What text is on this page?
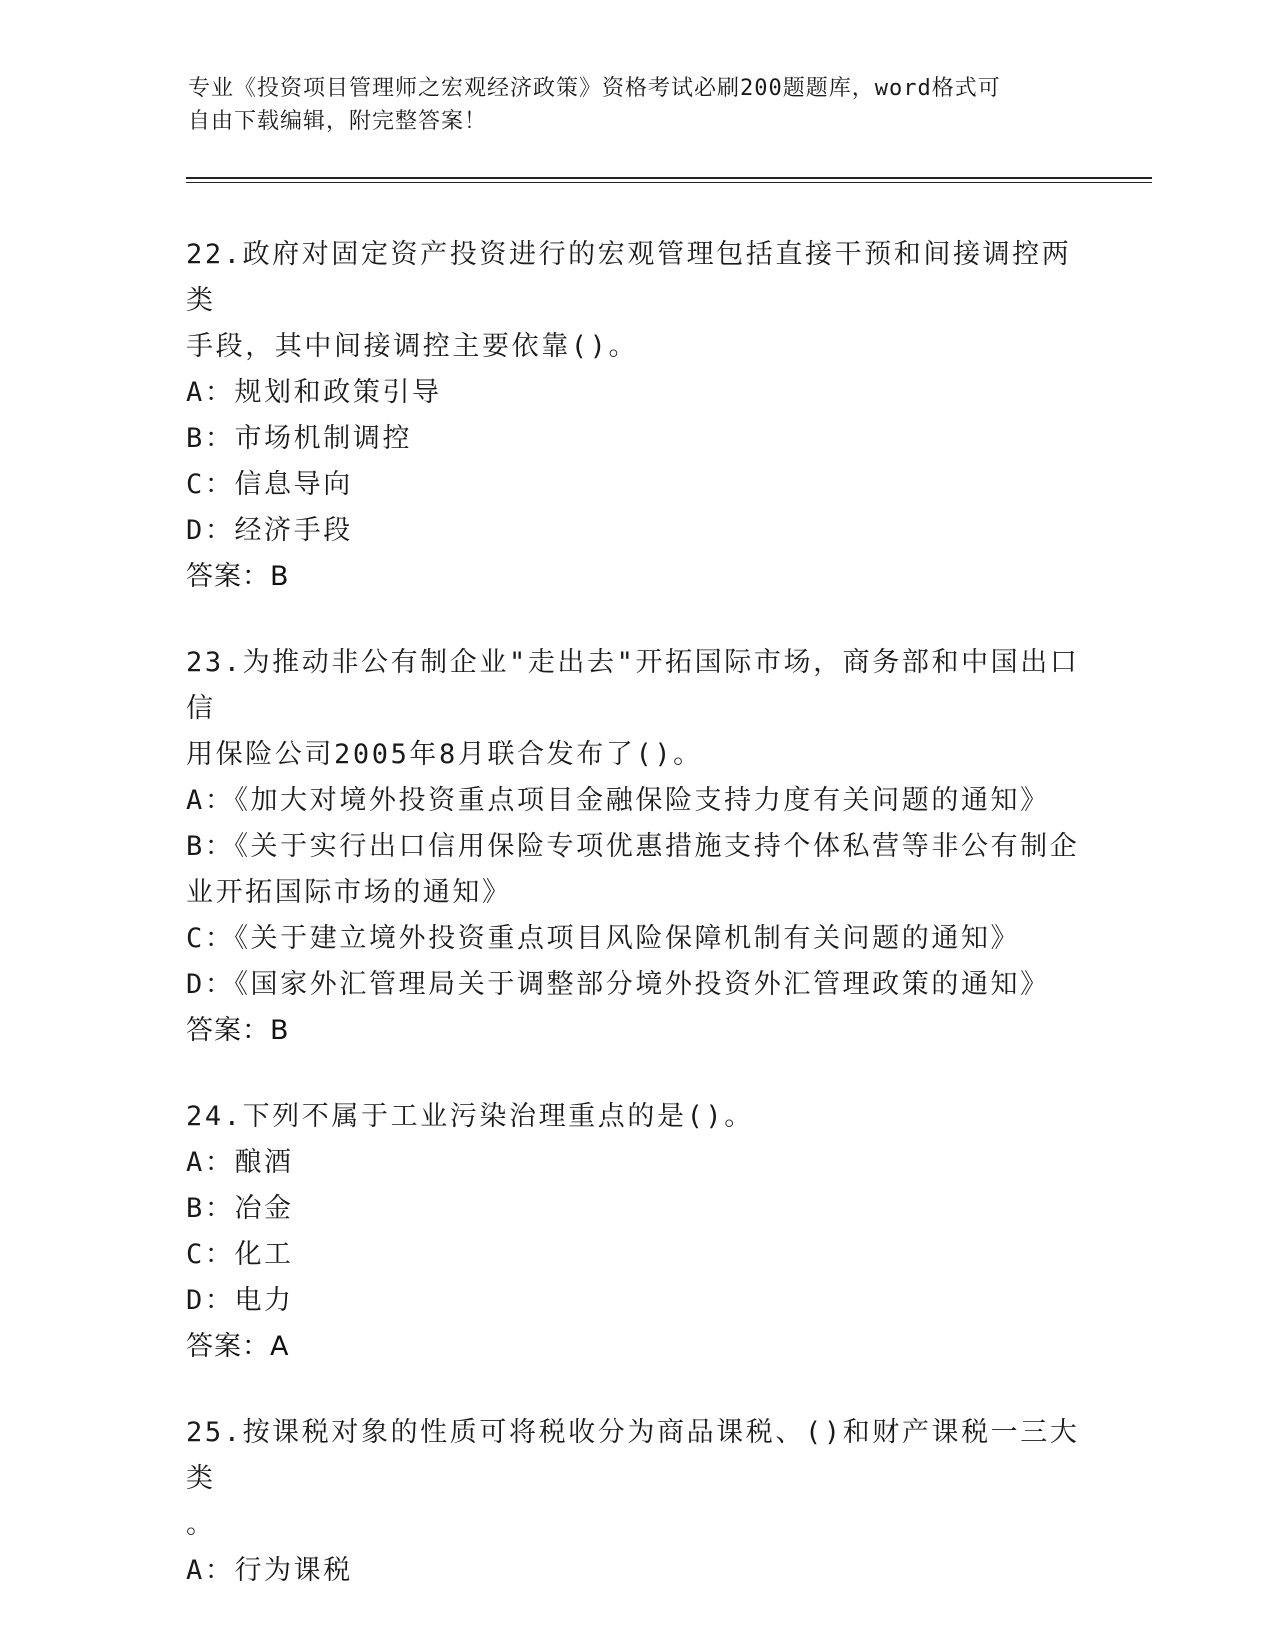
专业《投资项目管理师之宏观经济政策》资格考试必刷200题题库，word格式可
自由下载编辑，附完整答案！

22.政府对固定资产投资进行的宏观管理包括直接干预和间接调控两类

手段，其中间接调控主要依靠()。

A：规划和政策引导

B：市场机制调控

C：信息导向

D：经济手段

答案：B

23.为推动非公有制企业"走出去"开拓国际市场，商务部和中国出口信

用保险公司2005年8月联合发布了()。

A：《加大对境外投资重点项目金融保险支持力度有关问题的通知》

B：《关于实行出口信用保险专项优惠措施支持个体私营等非公有制企

业开拓国际市场的通知》

C：《关于建立境外投资重点项目风险保障机制有关问题的通知》

D：《国家外汇管理局关于调整部分境外投资外汇管理政策的通知》

答案：B

24.下列不属于工业污染治理重点的是()。

A：酿酒

B：冶金

C：化工

D：电力

答案：A

25.按课税对象的性质可将税收分为商品课税、()和财产课税一三大类

。

A：行为课税
